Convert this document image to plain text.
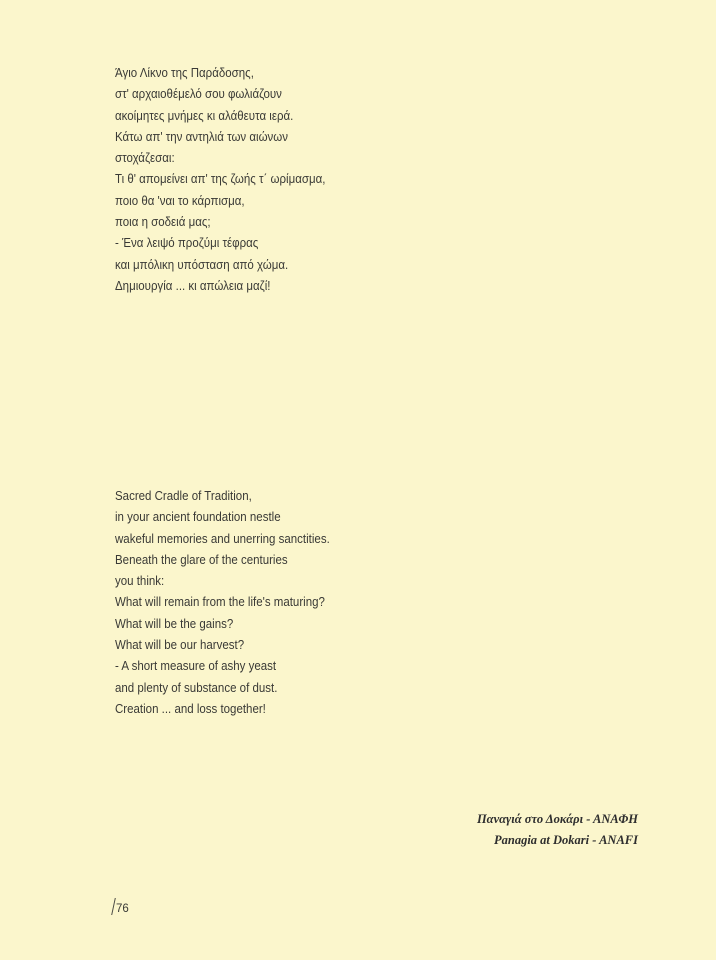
Άγιο Λίκνο της Παράδοσης,
στ' αρχαιοθέμελό σου φωλιάζουν
ακοίμητες μνήμες κι αλάθευτα ιερά.
Κάτω απ' την αντηλιά των αιώνων
στοχάζεσαι:
Τι θ' απομείνει απ' της ζωής τ΄ ωρίμασμα,
ποιο θα 'ναι το κάρπισμα,
ποια η σοδειά μας;
- Ένα λειψό προζύμι τέφρας
και μπόλικη υπόσταση από χώμα.
Δημιουργία ... κι απώλεια μαζί!
Sacred Cradle of Tradition,
in your ancient foundation nestle
wakeful memories and unerring sanctities.
Beneath the glare of the centuries
you think:
What will remain from the life's maturing?
What will be the gains?
What will be our harvest?
- A short measure of ashy yeast
and plenty of substance of dust.
Creation ... and loss together!
Παναγιά στο Δοκάρι - ΑΝΑΦΗ
Panagia at Dokari - ANAFI
76
